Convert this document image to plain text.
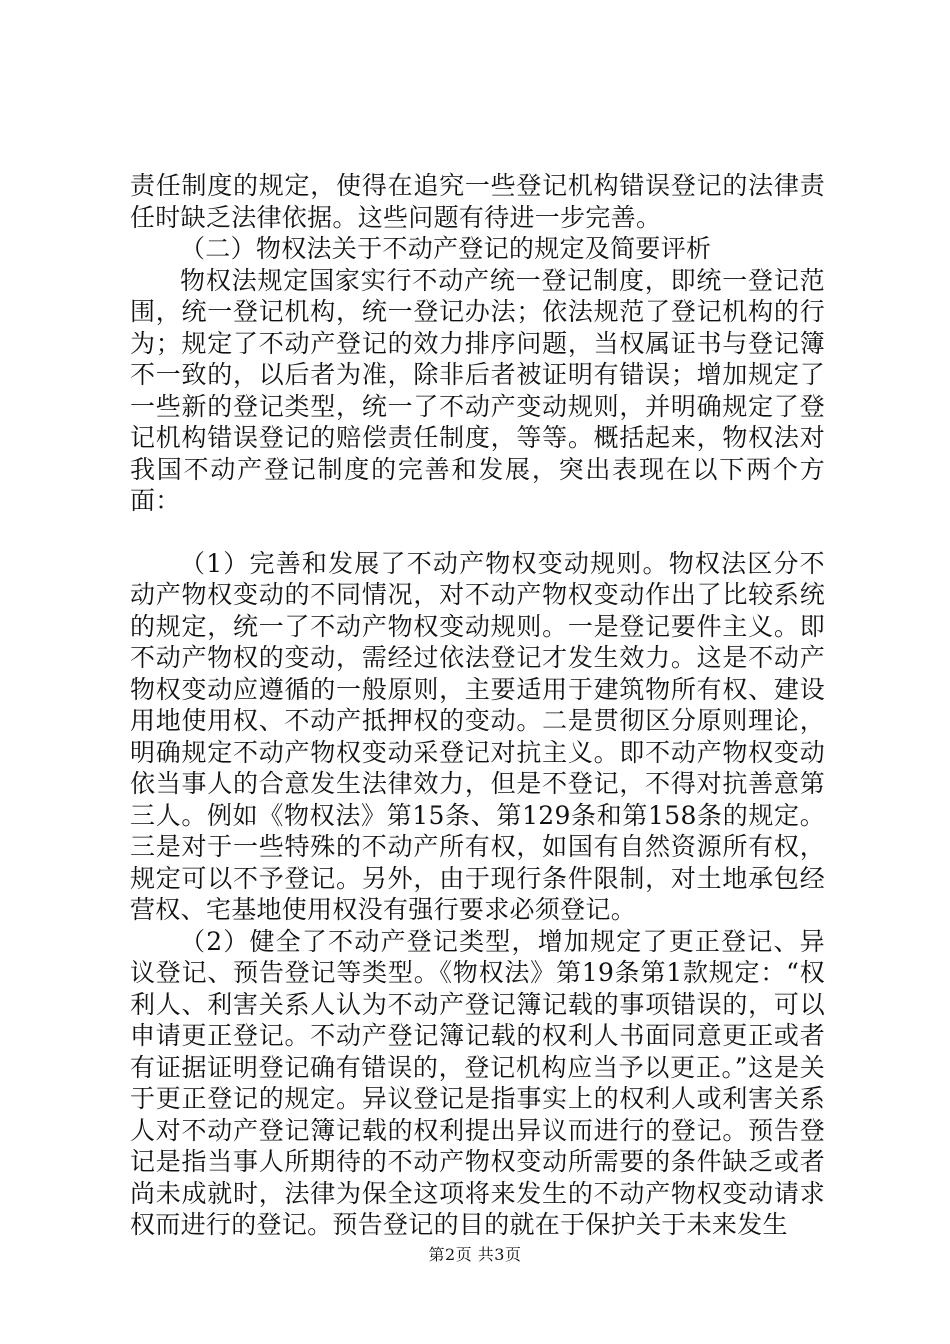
责任制度的规定，使得在追究一些登记机构错误登记的法律责任时缺乏法律依据。这些问题有待进一步完善。

（二）物权法关于不动产登记的规定及简要评析

物权法规定国家实行不动产统一登记制度，即统一登记范围，统一登记机构，统一登记办法；依法规范了登记机构的行为；规定了不动产登记的效力排序问题，当权属证书与登记簿不一致的，以后者为准，除非后者被证明有错误；增加规定了一些新的登记类型，统一了不动产变动规则，并明确规定了登记机构错误登记的赔偿责任制度，等等。概括起来，物权法对我国不动产登记制度的完善和发展，突出表现在以下两个方面：

（1）完善和发展了不动产物权变动规则。物权法区分不动产物权变动的不同情况，对不动产物权变动作出了比较系统的规定，统一了不动产物权变动规则。一是登记要件主义。即不动产物权的变动，需经过依法登记才发生效力。这是不动产物权变动应遵循的一般原则，主要适用于建筑物所有权、建设用地使用权、不动产抵押权的变动。二是贯彻区分原则理论，明确规定不动产物权变动采登记对抗主义。即不动产物权变动依当事人的合意发生法律效力，但是不登记，不得对抗善意第三人。例如《物权法》第15条、第129条和第158条的规定。三是对于一些特殊的不动产所有权，如国有自然资源所有权，规定可以不予登记。另外，由于现行条件限制，对土地承包经营权、宅基地使用权没有强行要求必须登记。

（2）健全了不动产登记类型，增加规定了更正登记、异议登记、预告登记等类型。《物权法》第19条第1款规定：“权利人、利害关系人认为不动产登记簿记载的事项错误的，可以申请更正登记。不动产登记簿记载的权利人书面同意更正或者有证据证明登记确有错误的，登记机构应当予以更正。”这是关于更正登记的规定。异议登记是指事实上的权利人或利害关系人对不动产登记簿记载的权利提出异议而进行的登记。预告登记是指当事人所期待的不动产物权变动所需要的条件缺乏或者尚未成就时，法律为保全这项将来发生的不动产物权变动请求权而进行的登记。预告登记的目的就在于保护关于未来发生

第2页 共3页
